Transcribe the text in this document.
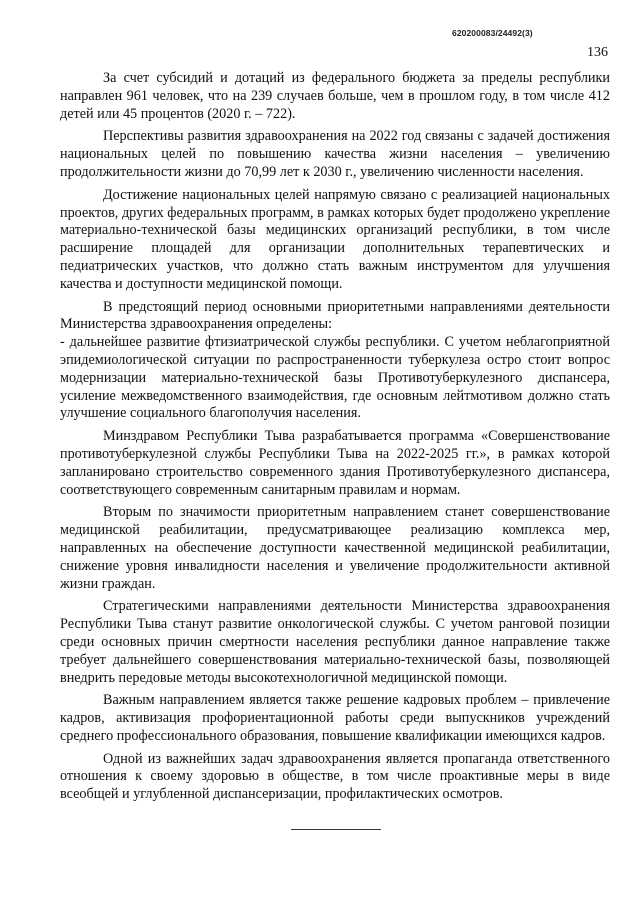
620200083/24492(3)
136

За счет субсидий и дотаций из федерального бюджета за пределы республики направлен 961 человек, что на 239 случаев больше, чем в прошлом году, в том числе 412 детей или 45 процентов (2020 г. – 722).

Перспективы развития здравоохранения на 2022 год связаны с задачей достижения национальных целей по повышению качества жизни населения – увеличению продолжительности жизни до 70,99 лет к 2030 г., увеличению численности населения.

Достижение национальных целей напрямую связано с реализацией национальных проектов, других федеральных программ, в рамках которых будет продолжено укрепление материально-технической базы медицинских организаций республики, в том числе расширение площадей для организации дополнительных терапевтических и педиатрических участков, что должно стать важным инструментом для улучшения качества и доступности медицинской помощи.

В предстоящий период основными приоритетными направлениями деятельности Министерства здравоохранения определены:

- дальнейшее развитие фтизиатрической службы республики. С учетом неблагоприятной эпидемиологической ситуации по распространенности туберкулеза остро стоит вопрос модернизации материально-технической базы Противотуберкулезного диспансера, усиление межведомственного взаимодействия, где основным лейтмотивом должно стать улучшение социального благополучия населения.

Минздравом Республики Тыва разрабатывается программа «Совершенствование противотуберкулезной службы Республики Тыва на 2022-2025 гг.», в рамках которой запланировано строительство современного здания Противотуберкулезного диспансера, соответствующего современным санитарным правилам и нормам.

Вторым по значимости приоритетным направлением станет совершенствование медицинской реабилитации, предусматривающее реализацию комплекса мер, направленных на обеспечение доступности качественной медицинской реабилитации, снижение уровня инвалидности населения и увеличение продолжительности активной жизни граждан.

Стратегическими направлениями деятельности Министерства здравоохранения Республики Тыва станут развитие онкологической службы. С учетом ранговой позиции среди основных причин смертности населения республики данное направление также требует дальнейшего совершенствования материально-технической базы, позволяющей внедрить передовые методы высокотехнологичной медицинской помощи.

Важным направлением является также решение кадровых проблем – привлечение кадров, активизация профориентационной работы среди выпускников учреждений среднего профессионального образования, повышение квалификации имеющихся кадров.

Одной из важнейших задач здравоохранения является пропаганда ответственного отношения к своему здоровью в обществе, в том числе проактивные меры в виде всеобщей и углубленной диспансеризации, профилактических осмотров.
